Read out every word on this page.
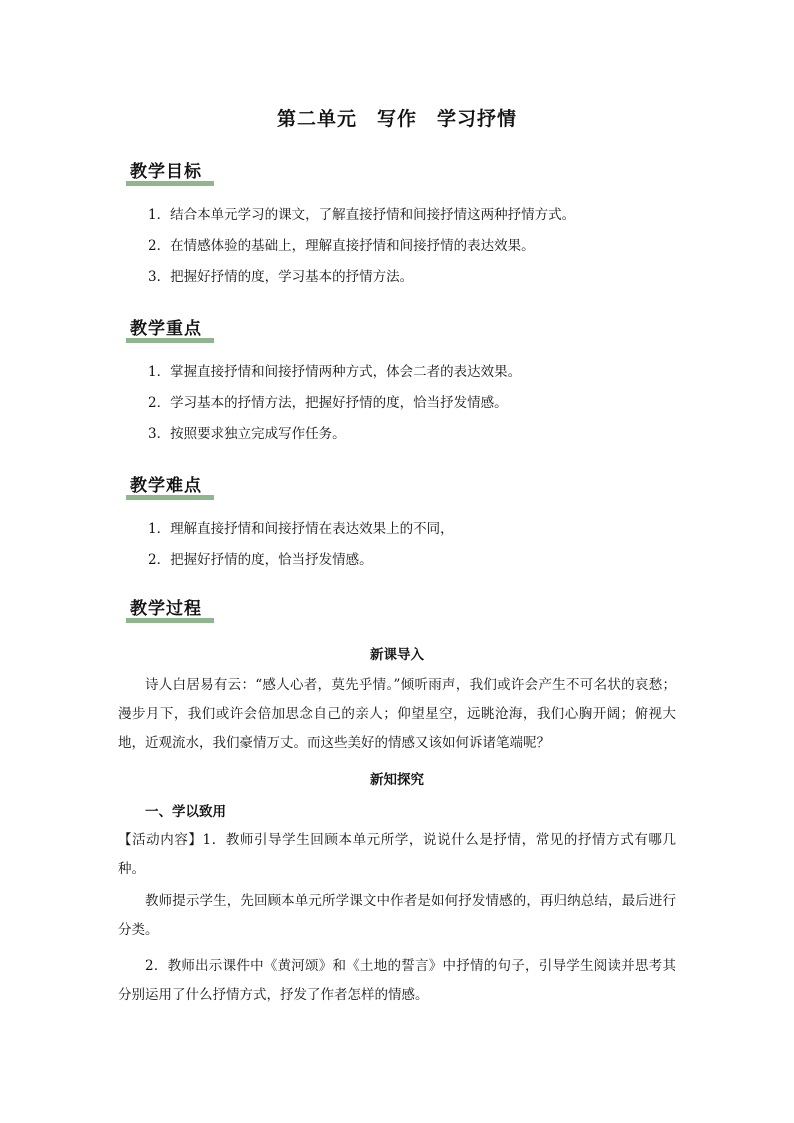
第二单元　写作　学习抒情
教学目标
1．结合本单元学习的课文，了解直接抒情和间接抒情这两种抒情方式。
2．在情感体验的基础上，理解直接抒情和间接抒情的表达效果。
3．把握好抒情的度，学习基本的抒情方法。
教学重点
1．掌握直接抒情和间接抒情两种方式，体会二者的表达效果。
2．学习基本的抒情方法，把握好抒情的度，恰当抒发情感。
3．按照要求独立完成写作任务。
教学难点
1．理解直接抒情和间接抒情在表达效果上的不同，
2．把握好抒情的度，恰当抒发情感。
教学过程
新课导入

诗人白居易有云：“感人心者，莫先乎情。”倾听雨声，我们或许会产生不可名状的哀愁；漫步月下，我们或许会倍加思念自己的亲人；仰望星空，远眺沧海，我们心胸开阔；俯视大地，近观流水，我们豪情万丈。而这些美好的情感又该如何诉诸笔端呢？

新知探究
一、学以致用

【活动内容】1．教师引导学生回顾本单元所学，说说什么是抒情，常见的抒情方式有哪几种。

教师提示学生，先回顾本单元所学课文中作者是如何抒发情感的，再归纳总结，最后进行分类。

2．教师出示课件中《黄河颂》和《土地的誓言》中抒情的句子，引导学生阅读并思考其分别运用了什么抒情方式，抒发了作者怎样的情感。
